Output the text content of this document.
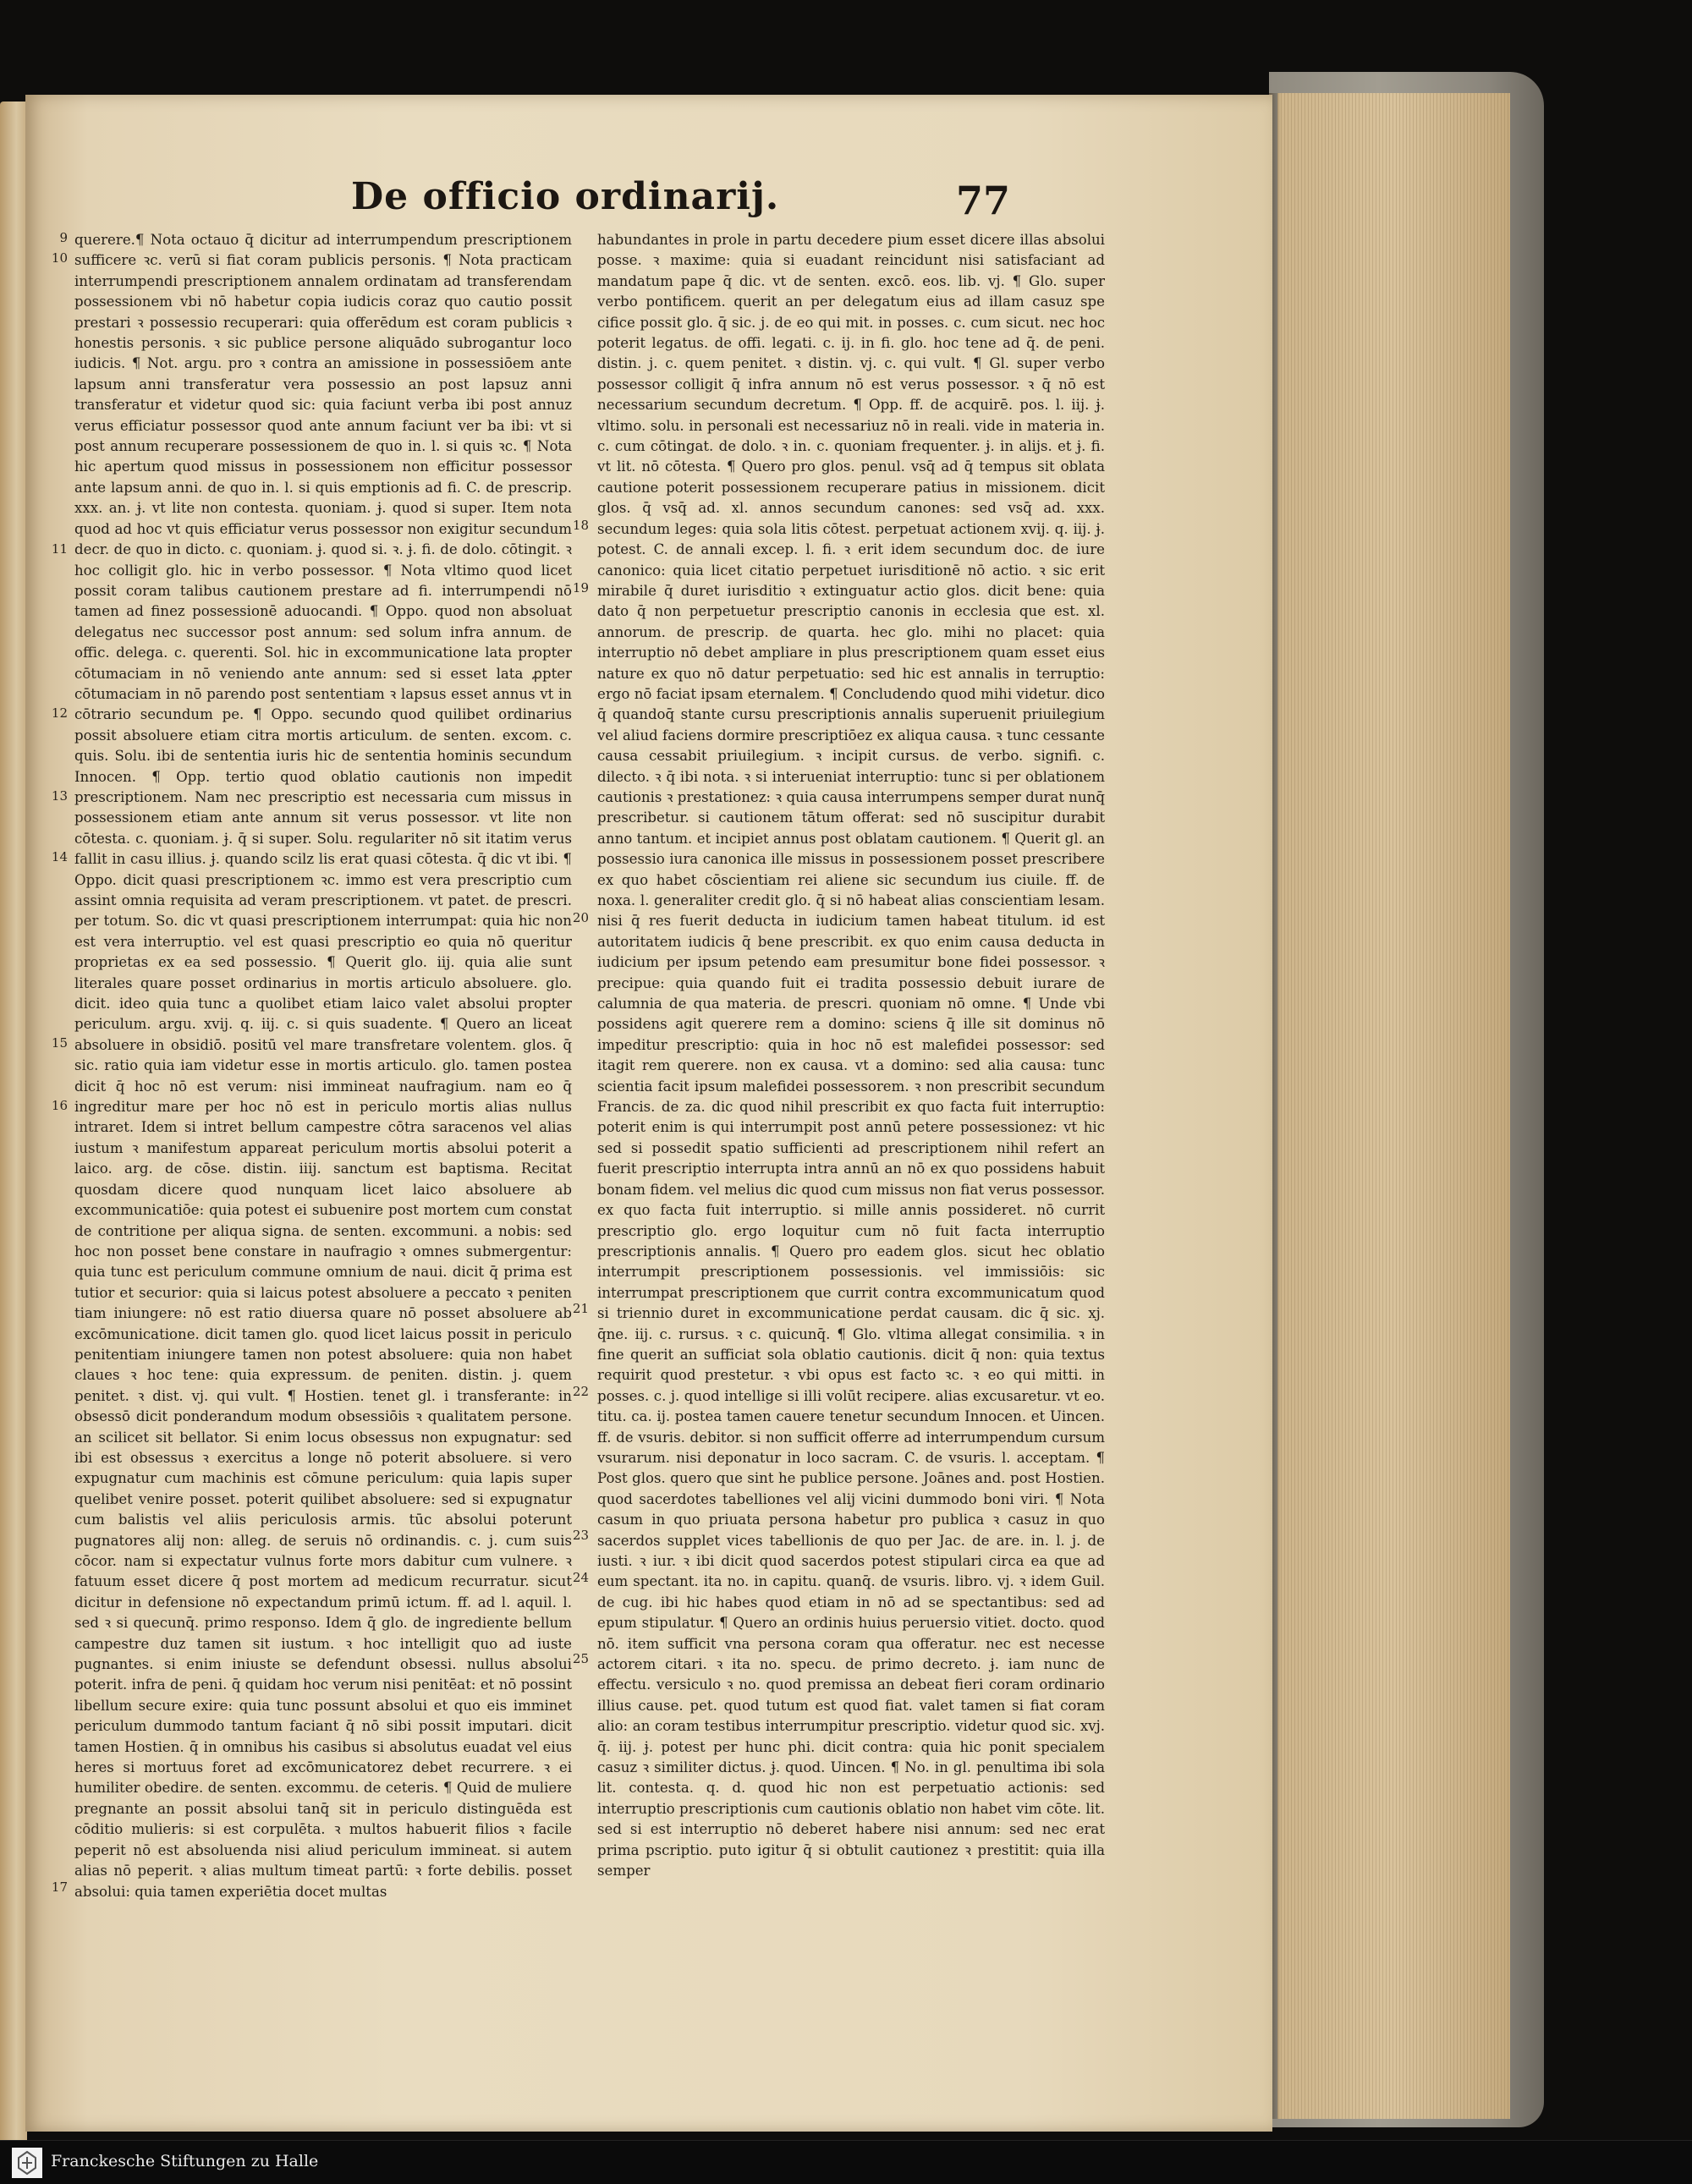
De officio ordinarij.	77
9
10
11
12
13
14
15
16
17

querere.¶ Nota octauo q̄ dicitur ad interrumpendum prescriptionem sufficere ꝛc. verū si fiat coram publicis personis. ¶ Nota practicam interrumpendi prescriptionem annalem ordinatam ad transferendam possessionem vbi nō habetur copia iudicis coraz quo cautio possit prestari ꝛ possessio recuperari: quia offerēdum est coram publicis ꝛ honestis personis. ꝛ sic publice persone aliquādo subrogantur loco iudicis. ¶ Not. argu. pro ꝛ contra an amissione in possessiōem ante lapsum anni transferatur vera possessio an post lapsuz anni transferatur et videtur quod sic: quia faciunt verba ibi post annuz verus efficiatur possessor quod ante annum faciunt ver ba ibi: vt si post annum recuperare possessionem de quo in. l. si quis ꝛc. ¶ Nota hic apertum quod missus in possessionem non efficitur possessor ante lapsum anni. de quo in. l. si quis emptionis ad fi. C. de prescrip. xxx. an. ɉ. vt lite non contesta. quoniam. ɉ. quod si super. Item nota quod ad hoc vt quis efficiatur verus possessor non exigitur secundum decr. de quo in dicto. c. quoniam. ɉ. quod si. ꝛ. ɉ. fi. de dolo. cōtingit. ꝛ hoc colligit glo. hic in verbo possessor. ¶ Nota vltimo quod licet possit coram talibus cautionem prestare ad fi. interrumpendi nō tamen ad finez possessionē aduocandi. ¶ Oppo. quod non absoluat delegatus nec successor post annum: sed solum infra annum. de offic. delega. c. querenti. Sol. hic in excommunicatione lata propter cōtumaciam in nō veniendo ante annum: sed si esset lata ꝓpter cōtumaciam in nō parendo post sententiam ꝛ lapsus esset annus vt in cōtrario secundum pe. ¶ Oppo. secundo quod quilibet ordinarius possit absoluere etiam citra mortis articulum. de senten. excom. c. quis. Solu. ibi de sententia iuris hic de sententia hominis secundum Innocen. ¶ Opp. tertio quod oblatio cautionis non impedit prescriptionem. Nam nec prescriptio est necessaria cum missus in possessionem etiam ante annum sit verus possessor. vt lite non cōtesta. c. quoniam. ɉ. q̄ si super. Solu. regulariter nō sit itatim verus fallit in casu illius. ɉ. quando scilz lis erat quasi cōtesta. q̄ dic vt ibi. ¶ Oppo. dicit quasi prescriptionem ꝛc. immo est vera prescriptio cum assint omnia requisita ad veram prescriptionem. vt patet. de prescri. per totum. So. dic vt quasi prescriptionem interrumpat: quia hic non est vera interruptio. vel est quasi prescriptio eo quia nō queritur proprietas ex ea sed possessio. ¶ Querit glo. iij. quia alie sunt literales quare posset ordinarius in mortis articulo absoluere. glo. dicit. ideo quia tunc a quolibet etiam laico valet absolui propter periculum. argu. xvij. q. iij. c. si quis suadente. ¶ Quero an liceat absoluere in obsidiō. positū vel mare transfretare volentem. glos. q̄ sic. ratio quia iam videtur esse in mortis articulo. glo. tamen postea dicit q̄ hoc nō est verum: nisi immineat naufragium. nam eo q̄ ingreditur mare per hoc nō est in periculo mortis alias nullus intraret. Idem si intret bellum campestre cōtra saracenos vel alias iustum ꝛ manifestum appareat periculum mortis absolui poterit a laico. arg. de cōse. distin. iiij. sanctum est baptisma. Recitat quosdam dicere quod nunquam licet laico absoluere ab excommunicatiōe: quia potest ei subuenire post mortem cum constat de contritione per aliqua signa. de senten. excommuni. a nobis: sed hoc non posset bene constare in naufragio ꝛ omnes submergentur: quia tunc est periculum commune omnium de naui. dicit q̄ prima est tutior et securior: quia si laicus potest absoluere a peccato ꝛ peniten tiam iniungere: nō est ratio diuersa quare nō posset absoluere ab excōmunicatione. dicit tamen glo. quod licet laicus possit in periculo penitentiam iniungere tamen non potest absoluere: quia non habet claues ꝛ hoc tene: quia expressum. de peniten. distin. j. quem penitet. ꝛ dist. vj. qui vult. ¶ Hostien. tenet gl. i transferante: in obsessō dicit ponderandum modum obsessiōis ꝛ qualitatem persone. an scilicet sit bellator. Si enim locus obsessus non expugnatur: sed ibi est obsessus ꝛ exercitus a longe nō poterit absoluere. si vero expugnatur cum machinis est cōmune periculum: quia lapis super quelibet venire posset. poterit quilibet absoluere: sed si expugnatur cum balistis vel aliis periculosis armis. tūc absolui poterunt pugnatores alij non: alleg. de seruis nō ordinandis. c. j. cum suis cōcor. nam si expectatur vulnus forte mors dabitur cum vulnere. ꝛ fatuum esset dicere q̄ post mortem ad medicum recurratur. sicut dicitur in defensione nō expectandum primū ictum. ff. ad l. aquil. l. sed ꝛ si quecunq̄. primo responso. Idem q̄ glo. de ingrediente bellum campestre duz tamen sit iustum. ꝛ hoc intelligit quo ad iuste pugnantes. si enim iniuste se defendunt obsessi. nullus absolui poterit. infra de peni. q̄ quidam hoc verum nisi penitēat: et nō possint libellum secure exire: quia tunc possunt absolui et quo eis imminet periculum dummodo tantum faciant q̄ nō sibi possit imputari. dicit tamen Hostien. q̄ in omnibus his casibus si absolutus euadat vel eius heres si mortuus foret ad excōmunicatorez debet recurrere. ꝛ ei humiliter obedire. de senten. excommu. de ceteris. ¶ Quid de muliere pregnante an possit absolui tanq̄ sit in periculo distinguēda est cōditio mulieris: si est corpulēta. ꝛ multos habuerit filios ꝛ facile peperit nō est absoluenda nisi aliud periculum immineat. si autem alias nō peperit. ꝛ alias multum timeat partū: ꝛ forte debilis. posset absolui: quia tamen experiētia docet multas

18
19
20
21
22
23
24
25

habundantes in prole in partu decedere pium esset dicere illas absolui posse. ꝛ maxime: quia si euadant reincidunt nisi satisfaciant ad mandatum pape q̄ dic. vt de senten. excō. eos. lib. vj. ¶ Glo. super verbo pontificem. querit an per delegatum eius ad illam casuz spe cifice possit glo. q̄ sic. j. de eo qui mit. in posses. c. cum sicut. nec hoc poterit legatus. de offi. legati. c. ij. in fi. glo. hoc tene ad q̄. de peni. distin. j. c. quem penitet. ꝛ distin. vj. c. qui vult. ¶ Gl. super verbo possessor colligit q̄ infra annum nō est verus possessor. ꝛ q̄ nō est necessarium secundum decretum. ¶ Opp. ff. de acquirē. pos. l. iij. ɉ. vltimo. solu. in personali est necessariuz nō in reali. vide in materia in. c. cum cōtingat. de dolo. ꝛ in. c. quoniam frequenter. ɉ. in alijs. et ɉ. fi. vt lit. nō cōtesta. ¶ Quero pro glos. penul. vsq̄ ad q̄ tempus sit oblata cautione poterit possessionem recuperare patius in missionem. dicit glos. q̄ vsq̄ ad. xl. annos secundum canones: sed vsq̄ ad. xxx. secundum leges: quia sola litis cōtest. perpetuat actionem xvij. q. iij. ɉ. potest. C. de annali excep. l. fi. ꝛ erit idem secundum doc. de iure canonico: quia licet citatio perpetuet iurisditionē nō actio. ꝛ sic erit mirabile q̄ duret iurisditio ꝛ extinguatur actio glos. dicit bene: quia dato q̄ non perpetuetur prescriptio canonis in ecclesia que est. xl. annorum. de prescrip. de quarta. hec glo. mihi no placet: quia interruptio nō debet ampliare in plus prescriptionem quam esset eius nature ex quo nō datur perpetuatio: sed hic est annalis in terruptio: ergo nō faciat ipsam eternalem. ¶ Concludendo quod mihi videtur. dico q̄ quandoq̄ stante cursu prescriptionis annalis superuenit priuilegium vel aliud faciens dormire prescriptiōez ex aliqua causa. ꝛ tunc cessante causa cessabit priuilegium. ꝛ incipit cursus. de verbo. signifi. c. dilecto. ꝛ q̄ ibi nota. ꝛ si interueniat interruptio: tunc si per oblationem cautionis ꝛ prestationez: ꝛ quia causa interrumpens semper durat nunq̄ prescribetur. si cautionem tātum offerat: sed nō suscipitur durabit anno tantum. et incipiet annus post oblatam cautionem. ¶ Querit gl. an possessio iura canonica ille missus in possessionem posset prescribere ex quo habet cōscientiam rei aliene sic secundum ius ciuile. ff. de noxa. l. generaliter credit glo. q̄ si nō habeat alias conscientiam lesam. nisi q̄ res fuerit deducta in iudicium tamen habeat titulum. id est autoritatem iudicis q̄ bene prescribit. ex quo enim causa deducta in iudicium per ipsum petendo eam presumitur bone fidei possessor. ꝛ precipue: quia quando fuit ei tradita possessio debuit iurare de calumnia de qua materia. de prescri. quoniam nō omne. ¶ Unde vbi possidens agit querere rem a domino: sciens q̄ ille sit dominus nō impeditur prescriptio: quia in hoc nō est malefidei possessor: sed itagit rem querere. non ex causa. vt a domino: sed alia causa: tunc scientia facit ipsum malefidei possessorem. ꝛ non prescribit secundum Francis. de za. dic quod nihil prescribit ex quo facta fuit interruptio: poterit enim is qui interrumpit post annū petere possessionez: vt hic sed si possedit spatio sufficienti ad prescriptionem nihil refert an fuerit prescriptio interrupta intra annū an nō ex quo possidens habuit bonam fidem. vel melius dic quod cum missus non fiat verus possessor. ex quo facta fuit interruptio. si mille annis possideret. nō currit prescriptio glo. ergo loquitur cum nō fuit facta interruptio prescriptionis annalis. ¶ Quero pro eadem glos. sicut hec oblatio interrumpit prescriptionem possessionis. vel immissiōis: sic interrumpat prescriptionem que currit contra excommunicatum quod si triennio duret in excommunicatione perdat causam. dic q̄ sic. xj. q̄ne. iij. c. rursus. ꝛ c. quicunq̄. ¶ Glo. vltima allegat consimilia. ꝛ in fine querit an sufficiat sola oblatio cautionis. dicit q̄ non: quia textus requirit quod prestetur. ꝛ vbi opus est facto ꝛc. ꝛ eo qui mitti. in posses. c. j. quod intellige si illi volūt recipere. alias excusaretur. vt eo. titu. ca. ij. postea tamen cauere tenetur secundum Innocen. et Uincen. ff. de vsuris. debitor. si non sufficit offerre ad interrumpendum cursum vsurarum. nisi deponatur in loco sacram. C. de vsuris. l. acceptam. ¶ Post glos. quero que sint he publice persone. Joānes and. post Hostien. quod sacerdotes tabelliones vel alij vicini dummodo boni viri. ¶ Nota casum in quo priuata persona habetur pro publica ꝛ casuz in quo sacerdos supplet vices tabellionis de quo per Jac. de are. in. l. j. de iusti. ꝛ iur. ꝛ ibi dicit quod sacerdos potest stipulari circa ea que ad eum spectant. ita no. in capitu. quanq̄. de vsuris. libro. vj. ꝛ idem Guil. de cug. ibi hic habes quod etiam in nō ad se spectantibus: sed ad epum stipulatur. ¶ Quero an ordinis huius peruersio vitiet. docto. quod nō. item sufficit vna persona coram qua offeratur. nec est necesse actorem citari. ꝛ ita no. specu. de primo decreto. ɉ. iam nunc de effectu. versiculo ꝛ no. quod premissa an debeat fieri coram ordinario illius cause. pet. quod tutum est quod fiat. valet tamen si fiat coram alio: an coram testibus interrumpitur prescriptio. videtur quod sic. xvj. q̄. iij. ɉ. potest per hunc phi. dicit contra: quia hic ponit specialem casuz ꝛ similiter dictus. ɉ. quod. Uincen. ¶ No. in gl. penultima ibi sola lit. contesta. q. d. quod hic non est perpetuatio actionis: sed interruptio prescriptionis cum cautionis oblatio non habet vim cōte. lit. sed si est interruptio nō deberet habere nisi annum: sed nec erat prima pscriptio. puto igitur q̄ si obtulit cautionez ꝛ prestitit: quia illa semper

Franckesche Stiftungen zu Halle
